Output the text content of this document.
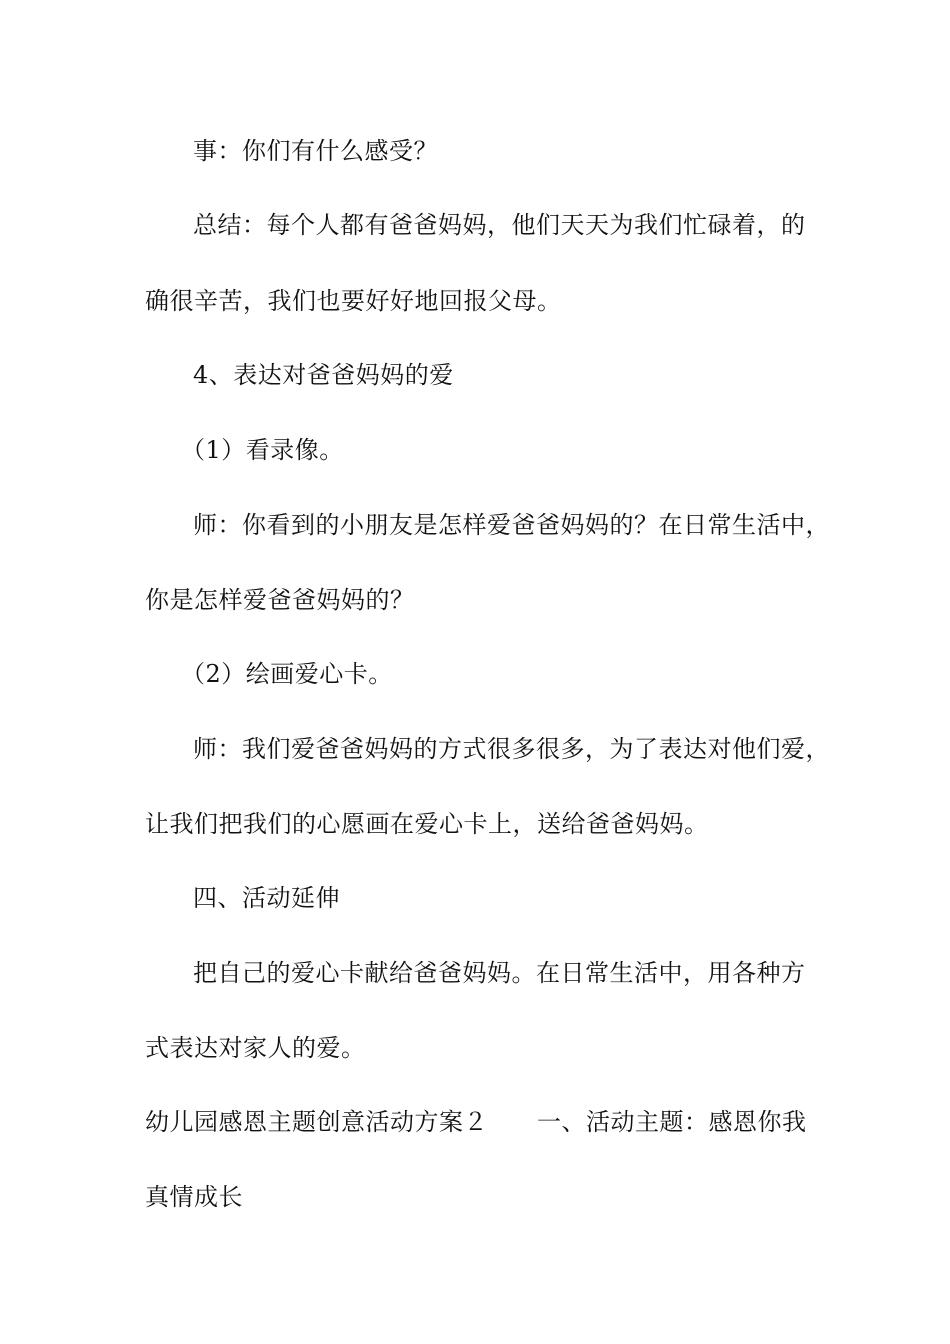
事：你们有什么感受？
总结：每个人都有爸爸妈妈，他们天天为我们忙碌着，的
确很辛苦，我们也要好好地回报父母。
4、表达对爸爸妈妈的爱
（1）看录像。
师：你看到的小朋友是怎样爱爸爸妈妈的？在日常生活中，
你是怎样爱爸爸妈妈的？
（2）绘画爱心卡。
师：我们爱爸爸妈妈的方式很多很多，为了表达对他们爱，
让我们把我们的心愿画在爱心卡上，送给爸爸妈妈。
四、活动延伸
把自己的爱心卡献给爸爸妈妈。在日常生活中，用各种方
式表达对家人的爱。
幼儿园感恩主题创意活动方案２　　一、活动主题：感恩你我
真情成长
